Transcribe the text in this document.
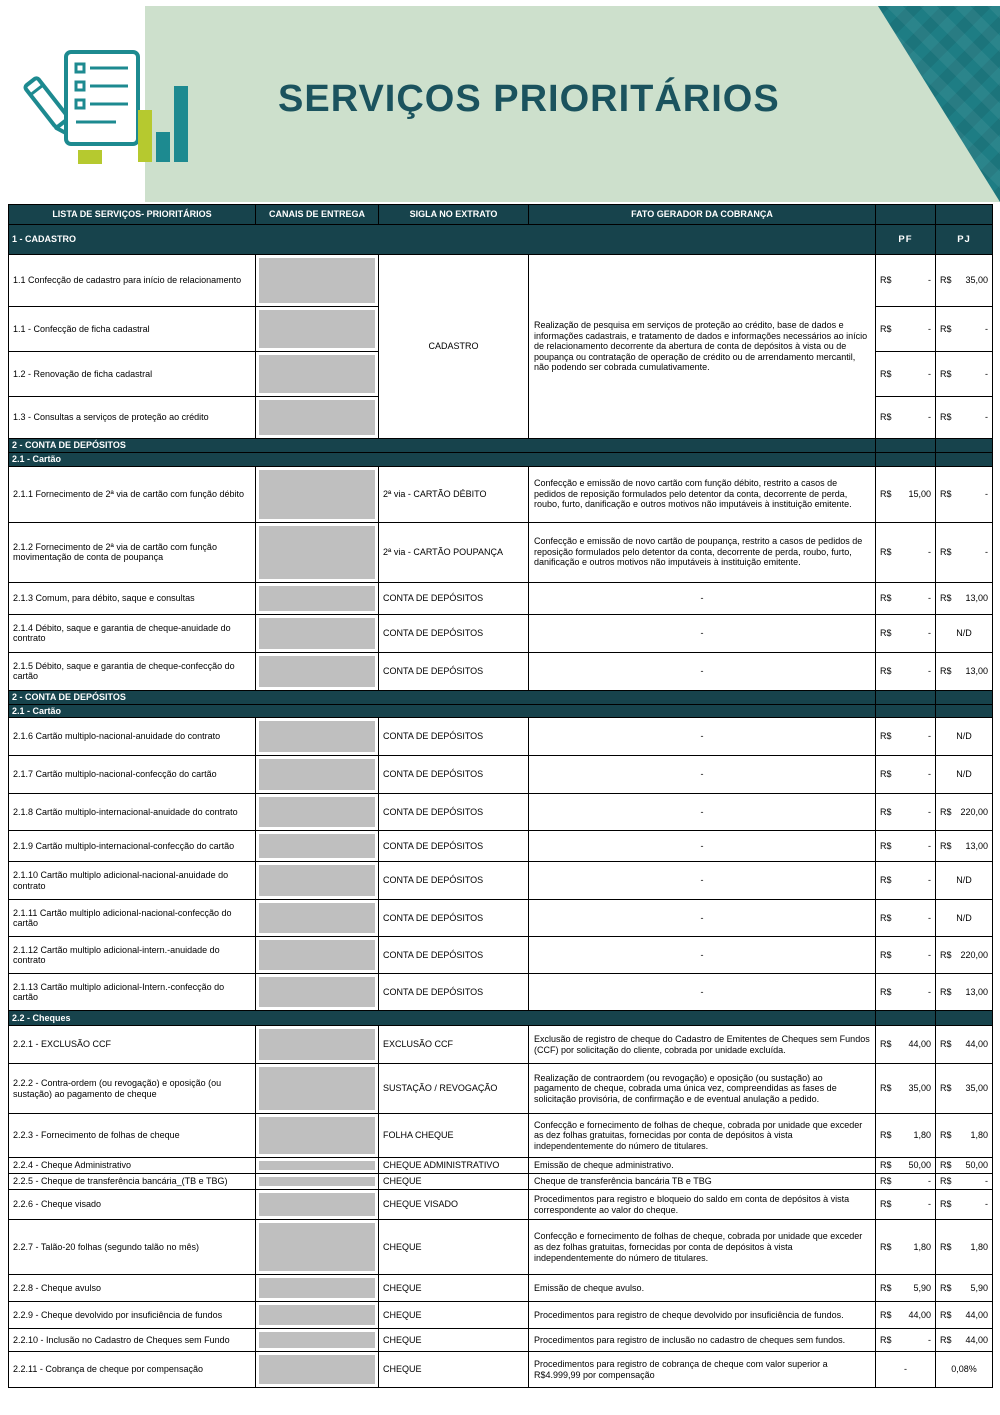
SERVIÇOS PRIORITÁRIOS
LISTA DE SERVIÇOS- PRIORITÁRIOS	CANAIS DE ENTREGA	SIGLA NO EXTRATO	FATO GERADOR DA COBRANÇA		
1 - CADASTRO				PF	PJ
1.1 Confecção de cadastro para início de relacionamento		CADASTRO	Realização de pesquisa em serviços de proteção ao crédito, base de dados e informações cadastrais, e tratamento de dados e informações necessários ao início de relacionamento decorrente da abertura de conta de depósitos à vista ou de poupança ou contratação de operação de crédito ou de arrendamento mercantil, não podendo ser cobrada cumulativamente.	R$ -	R$ 35,00

1.1 - Confecção de ficha cadastral				R$ -	R$ -

1.2 - Renovação de ficha cadastral				R$ -	R$ -

1.3 - Consultas a serviços de proteção ao crédito				R$ -	R$ -

2 - CONTA DE DEPÓSITOS					
2.1 - Cartão					
2.1.1 Fornecimento de 2ª via de cartão com função débito		2ª via - CARTÃO DÉBITO	Confecção e emissão de novo cartão com função débito, restrito a casos de pedidos de reposição formulados pelo detentor da conta, decorrente de perda, roubo, furto, danificação e outros motivos não imputáveis à instituição emitente.	R$ 15,00	R$ -

2.1.2 Fornecimento de 2ª via de cartão com função movimentação de conta de poupança		2ª via - CARTÃO POUPANÇA	Confecção e emissão de novo cartão de poupança, restrito a casos de pedidos de reposição formulados pelo detentor da conta, decorrente de perda, roubo, furto, danificação e outros motivos não imputáveis à instituição emitente.	R$ -	R$ -

2.1.3 Comum, para débito, saque e consultas		CONTA DE DEPÓSITOS	-	R$ -	R$ 13,00

2.1.4 Débito, saque e garantia de cheque-anuidade do contrato		CONTA DE DEPÓSITOS	-	R$ -	N/D
2.1.5 Débito, saque e garantia de cheque-confecção do cartão		CONTA DE DEPÓSITOS	-	R$ -	R$ 13,00

2 - CONTA DE DEPÓSITOS					
2.1 - Cartão					
2.1.6 Cartão multiplo-nacional-anuidade do contrato		CONTA DE DEPÓSITOS	-	R$ -	N/D
2.1.7 Cartão multiplo-nacional-confecção do cartão		CONTA DE DEPÓSITOS	-	R$ -	N/D
2.1.8 Cartão multiplo-internacional-anuidade do contrato		CONTA DE DEPÓSITOS	-	R$ -	R$ 220,00

2.1.9 Cartão multiplo-internacional-confecção do cartão		CONTA DE DEPÓSITOS	-	R$ -	R$ 13,00

2.1.10 Cartão multiplo adicional-nacional-anuidade do contrato		CONTA DE DEPÓSITOS	-	R$ -	N/D
2.1.11 Cartão multiplo adicional-nacional-confecção do cartão		CONTA DE DEPÓSITOS	-	R$ -	N/D
2.1.12 Cartão multiplo adicional-intern.-anuidade do contrato		CONTA DE DEPÓSITOS	-	R$ -	R$ 220,00

2.1.13 Cartão multiplo adicional-Intern.-confecção do cartão		CONTA DE DEPÓSITOS	-	R$ -	R$ 13,00

2.2 - Cheques					
2.2.1 - EXCLUSÃO CCF		EXCLUSÃO CCF	Exclusão de registro de cheque do Cadastro de Emitentes de Cheques sem Fundos (CCF) por solicitação do cliente, cobrada por unidade excluída.	R$ 44,00	R$ 44,00

2.2.2 - Contra-ordem (ou revogação) e oposição (ou sustação) ao pagamento de cheque		SUSTAÇÃO / REVOGAÇÃO	Realização de contraordem (ou revogação) e oposição (ou sustação) ao pagamento de cheque, cobrada uma única vez, compreendidas as fases de solicitação provisória, de confirmação e de eventual anulação a pedido.	R$ 35,00	R$ 35,00

2.2.3 - Fornecimento de folhas de cheque		FOLHA CHEQUE	Confecção e fornecimento de folhas de cheque, cobrada por unidade que exceder as dez folhas gratuitas, fornecidas por conta de depósitos à vista independentemente do número de titulares.	R$ 1,80	R$ 1,80

2.2.4 - Cheque Administrativo		CHEQUE ADMINISTRATIVO	Emissão de cheque administrativo.	R$ 50,00	R$ 50,00

2.2.5 - Cheque de transferência bancária_(TB e TBG)		CHEQUE	Cheque de transferência bancária TB e TBG	R$ -	R$ -

2.2.6 - Cheque visado		CHEQUE VISADO	Procedimentos para registro e bloqueio do saldo em conta de depósitos à vista correspondente ao valor do cheque.	R$ -	R$ -

2.2.7 - Talão-20 folhas (segundo talão no mês)		CHEQUE	Confecção e fornecimento de folhas de cheque, cobrada por unidade que exceder as dez folhas gratuitas, fornecidas por conta de depósitos à vista independentemente do número de titulares.	R$ 1,80	R$ 1,80

2.2.8 - Cheque avulso		CHEQUE	Emissão de cheque avulso.	R$ 5,90	R$ 5,90

2.2.9 - Cheque devolvido por insuficiência de fundos		CHEQUE	Procedimentos para registro de cheque devolvido por insuficiência de fundos.	R$ 44,00	R$ 44,00

2.2.10 - Inclusão no Cadastro de Cheques sem Fundo		CHEQUE	Procedimentos para registro de inclusão no cadastro de cheques sem fundos.	R$ -	R$ 44,00

2.2.11 - Cobrança de cheque por compensação		CHEQUE	Procedimentos para registro de cobrança de cheque com valor superior a R$4.999,99 por compensação	-	0,08%
